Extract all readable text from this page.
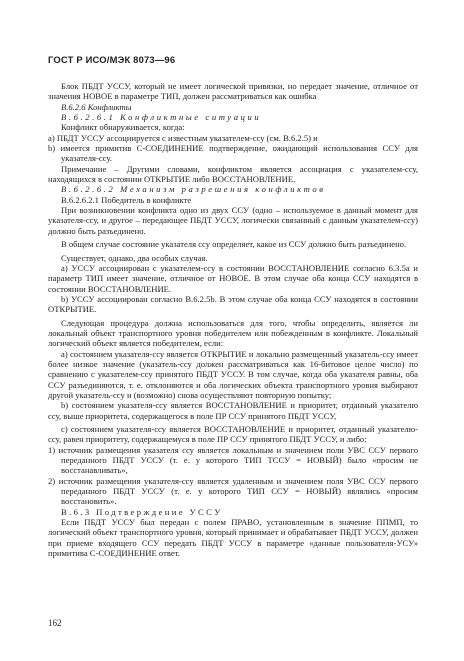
ГОСТ Р ИСО/МЭК 8073—96

Блок ПБДТ УССУ, который не имеет логической привязки, но передает значение, отличное от значения НОВОЕ в параметре ТИП, должен рассматриваться как ошибка

B.6.2.6 Конфликты

B.6.2.6.1 Конфликтные ситуации

Конфликт обнаруживается, когда:

a) ПБДТ УССУ ассоциируется с известным указателем-ссу (см. B.6.2.5) и

b) имеется примитив С-СОЕДИНЕНИЕ подтверждение, ожидающий использования ССУ для указателя-ссу.

Примечание – Другими словами, конфликтом является ассоциация с указателем-ссу, находящихся в состоянии ОТКРЫТИЕ либо ВОССТАНОВЛЕНИЕ.

B.6.2.6.2 Механизм разрешения конфликтов

B.6.2.6.2.1 Победитель в конфликте

При возникновении конфликта одно из двух ССУ (одно – используемое в данный момент для указателя-ссу, и другое – передающее ПБДТ УССУ, логически связанный с данным указателем-ссу) должно быть разъединено.

В общем случае состояние указателя ссу определяет, какое из ССУ должно быть разъединено.

Существует, однако, два особых случая.

a) УССУ ассоциирован с указателем-ссу в состоянии ВОССТАНОВЛЕНИЕ согласно 6.3.5а и параметр ТИП имеет значение, отличное от НОВОЕ. В этом случае оба конца ССУ находятся в состоянии ВОССТАНОВЛЕНИЕ.

b) УССУ ассоциирован согласно B.6.2.5b. В этом случае оба конца ССУ находятся в состоянии ОТКРЫТИЕ.

Следующая процедура должна использоваться для того, чтобы определить, является ли локальный объект транспортного уровня победителем или побежденным в конфликте. Локальный логический объект является победителем, если:

a) состоянием указателя-ссу является ОТКРЫТИЕ и локально размещенный указатель-ссу имеет более низкое значение (указатель-ссу должен рассматриваться как 16-битовое целое число) по сравнению с указателем-ссу принятого ПБДТ УССУ. В том случае, когда оба указателя равны, оба ССУ разъединяются, т. е. отклоняются и оба логических объекта транспортного уровня выбирают другой указатель-ссу и (возможно) снова осуществляют повторную попытку;

b) состоянием указателя-ссу является ВОССТАНОВЛЕНИЕ и приоритет, отданный указателю ссу, выше приоритета, содержащегося в поле ПР ССУ принятого ПБДТ УССУ,

c) состоянием указателя-ссу является ВОССТАНОВЛЕНИЕ и приоритет, отданный указателю-ссу, равен приоритету, содержащемуся в поле ПР ССУ принятого ПБДТ УССУ, и либо:

1) источник размещения указателя ссу является локальным и значением поли УВС ССУ первого переданного ПБДТ УССУ (т. е. у которого ТИП ТССУ = НОВЫЙ) было «просим не восстанавливать»,

2) источник размещения указателя-ссу является удаленным и значением поля УВС ССУ первого переданного ПБДТ УССУ (т. е. у которого ТИП ССУ = НОВЫЙ) являлись «просим восстановить».

B.6.3 Подтверждение УССУ

Если ПБДТ УССУ был передан с полем ПРАВО, установленным в значение ППМП, то логический объект транспортного уровня, который принимает и обрабатывает ПБДТ УССУ, должен при приеме входящего ССУ передать ПБДТ УССУ в параметре «данные пользователя-УСУ» примитива С-СОЕДИНЕНИЕ ответ.

162
